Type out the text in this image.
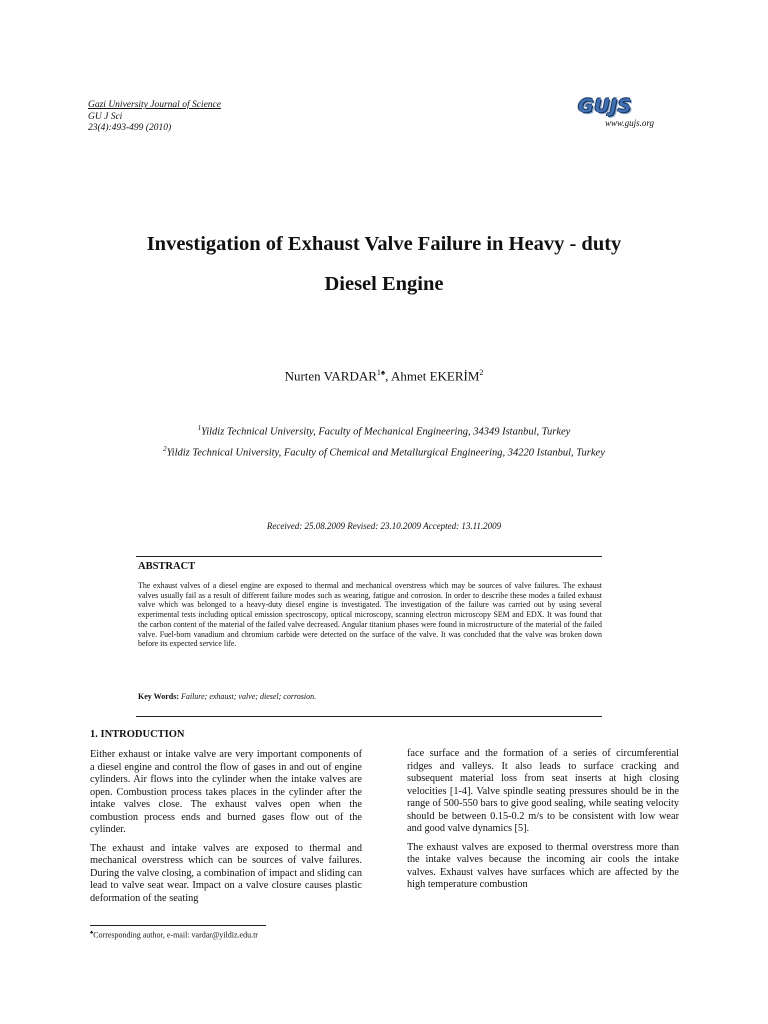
Gazi University Journal of Science
GU J Sci
23(4):493-499 (2010)
GUJS
www.gujs.org
Investigation of Exhaust Valve Failure in Heavy - duty
Diesel Engine
Nurten $VARDAR^{1♠}$, Ahmet EKERİM$^2$
$^1$Yildiz Technical University, Faculty of Mechanical Engineering, 34349 Istanbul, Turkey
$^2$Yildiz Technical University, Faculty of Chemical and Metallurgical Engineering, 34220 Istanbul, Turkey
Received: 25.08.2009 Revised: 23.10.2009 Accepted: 13.11.2009
ABSTRACT
The exhaust valves of a diesel engine are exposed to thermal and mechanical overstress which may be sources of valve failures. The exhaust valves usually fail as a result of different failure modes such as wearing, fatigue and corrosion. In order to describe these modes a failed exhaust valve which was belonged to a heavy-duty diesel engine is investigated. The investigation of the failure was carried out by using several experimental tests including optical emission spectroscopy, optical microscopy, scanning electron microscopy SEM and EDX. It was found that the carbon content of the material of the failed valve decreased. Angular titanium phases were found in microstructure of the material of the failed valve. Fuel-born vanadium and chromium carbide were detected on the surface of the valve. It was concluded that the valve was broken down before its expected service life.
Key Words: Failure; exhaust; valve; diesel; corrosion.
1. INTRODUCTION

Either exhaust or intake valve are very important components of a diesel engine and control the flow of gases in and out of engine cylinders. Air flows into the cylinder when the intake valves are open. Combustion process takes places in the cylinder after the intake valves close. The exhaust valves open when the combustion process ends and burned gases flow out of the cylinder.

The exhaust and intake valves are exposed to thermal and mechanical overstress which can be sources of valve failures. During the valve closing, a combination of impact and sliding can lead to valve seat wear. Impact on a valve closure causes plastic deformation of the seating

face surface and the formation of a series of circumferential ridges and valleys. It also leads to surface cracking and subsequent material loss from seat inserts at high closing velocities [1-4]. Valve spindle seating pressures should be in the range of 500-550 bars to give good sealing, while seating velocity should be between 0.15-0.2 m/s to be consistent with low wear and good valve dynamics [5].

The exhaust valves are exposed to thermal overstress more than the intake valves because the incoming air cools the intake valves. Exhaust valves have surfaces which are affected by the high temperature combustion

♠Corresponding author, e-mail: vardar@yildiz.edu.tr
